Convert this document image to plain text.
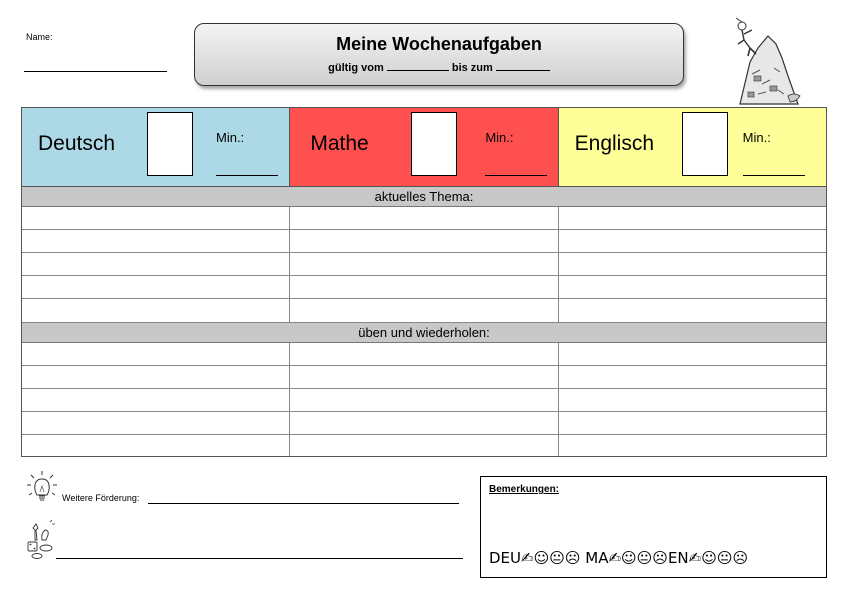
Name:	Meine Wochenaufgaben
gültig vom	bis zum
Deutsch	Min.:	Mathe	Min.:	Englisch	Min.:
aktuelles Thema:
üben und wiederholen:
Weitere Förderung:
Bemerkungen:
DEU✍☺😐☹ MA✍☺😐☹EN✍☺😐☹
